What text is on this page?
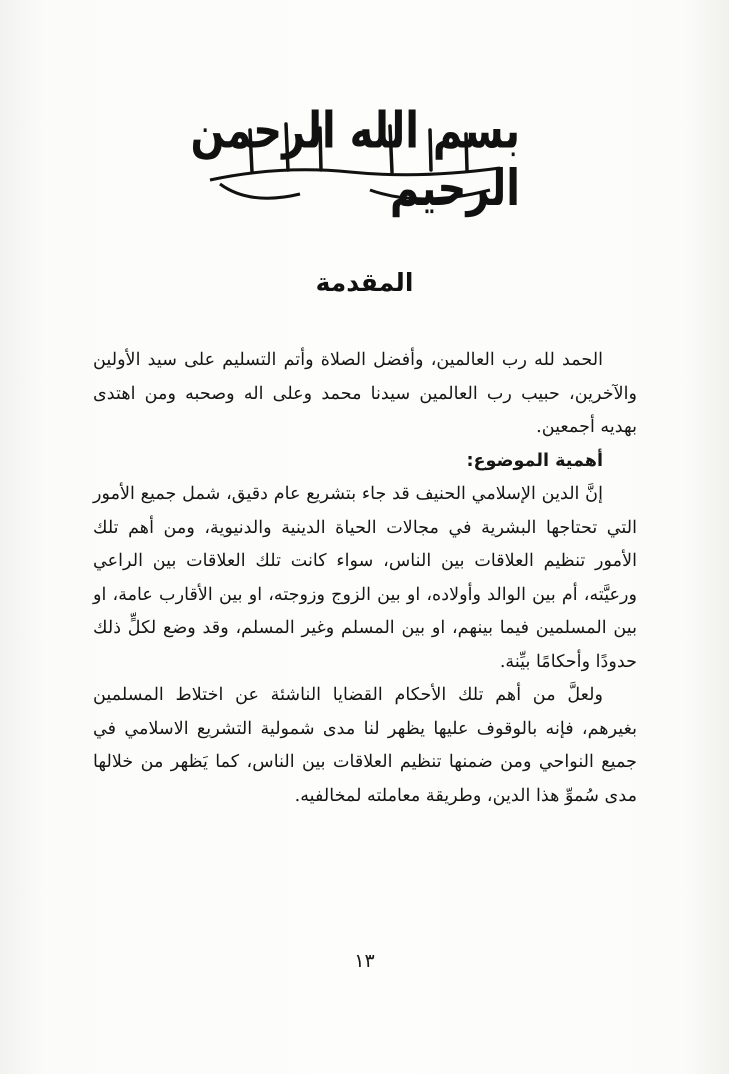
بسم الله الرحمن الرحيم
المقدمة

الحمد لله رب العالمين، وأفضل الصلاة وأتم التسليم على سيد الأولين والآخرين، حبيب رب العالمين سيدنا محمد وعلى اله وصحبه ومن اهتدى بهديه أجمعين.

أهمية الموضوع:

إنَّ الدين الإسلامي الحنيف قد جاء بتشريع عام دقيق، شمل جميع الأمور التي تحتاجها البشرية في مجالات الحياة الدينية والدنيوية، ومن أهم تلك الأمور تنظيم العلاقات بين الناس، سواء كانت تلك العلاقات بين الراعي ورعيَّته، أم بين الوالد وأولاده، او بين الزوج وزوجته، او بين الأقارب عامة، او بين المسلمين فيما بينهم، او بين المسلم وغير المسلم، وقد وضع لكلٍّ ذلك حدودًا وأحكامًا بيِّنة.

ولعلَّ من أهم تلك الأحكام القضايا الناشئة عن اختلاط المسلمين بغيرهم، فإنه بالوقوف عليها يظهر لنا مدى شمولية التشريع الاسلامي في جميع النواحي ومن ضمنها تنظيم العلاقات بين الناس، كما يَظهر من خلالها مدى سُموِّ هذا الدين، وطريقة معاملته لمخالفيه.

١٣
